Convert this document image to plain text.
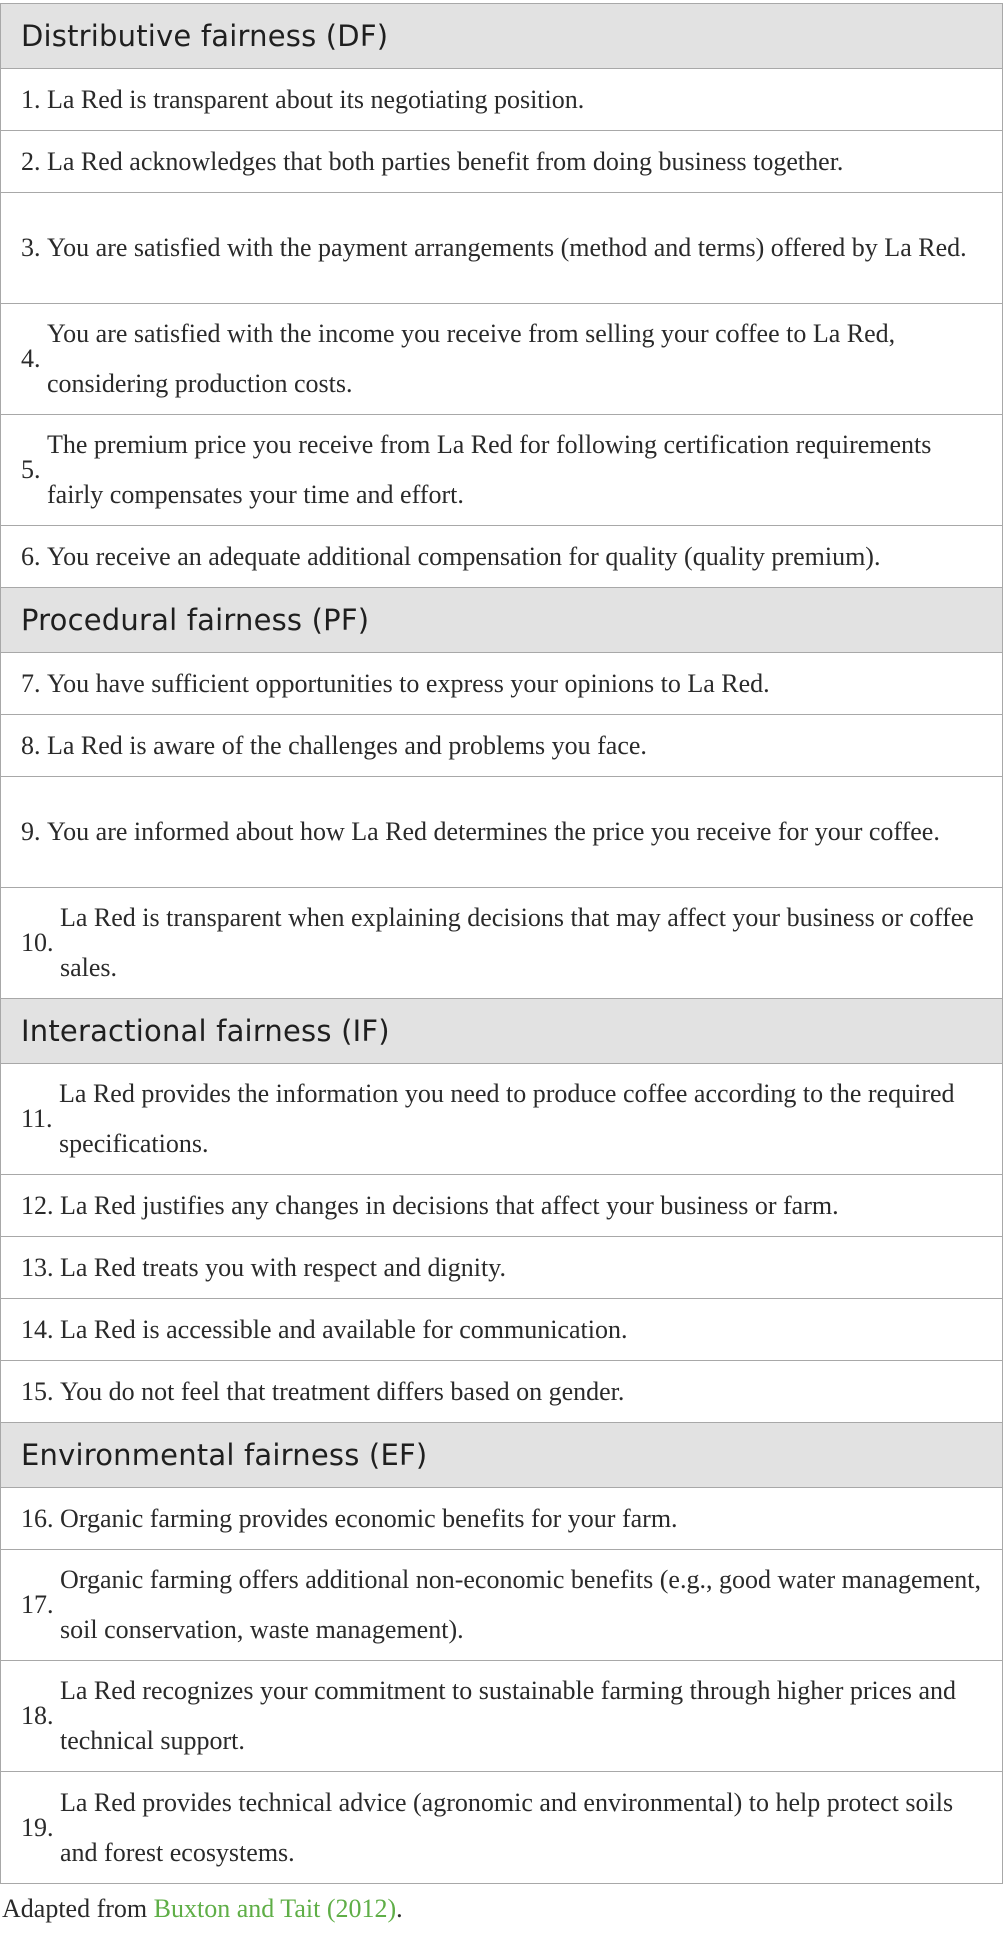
Distributive fairness (DF)
1.
La Red is transparent about its negotiating position.
2.
La Red acknowledges that both parties benefit from doing business together.
3.
You are satisfied with the payment arrangements (method and terms) offered by La Red.
4.

You are satisfied with the income you receive from selling your coffee to La Red, considering production costs.
5.

The premium price you receive from La Red for following certification requirements fairly compensates your time and effort.
6.
You receive an adequate additional compensation for quality (quality premium).
Procedural fairness (PF)
7.
You have sufficient opportunities to express your opinions to La Red.
8.
La Red is aware of the challenges and problems you face.
9.
You are informed about how La Red determines the price you receive for your coffee.
10.

La Red is transparent when explaining decisions that may affect your business or coffee sales.
Interactional fairness (IF)
11.

La Red provides the information you need to produce coffee according to the required specifications.
12.
La Red justifies any changes in decisions that affect your business or farm.
13.
La Red treats you with respect and dignity.
14.
La Red is accessible and available for communication.
15.
You do not feel that treatment differs based on gender.
Environmental fairness (EF)
16.
Organic farming provides economic benefits for your farm.
17.

Organic farming offers additional non-economic benefits (e.g., good water management, soil conservation, waste management).
18.

La Red recognizes your commitment to sustainable farming through higher prices and technical support.
19.

La Red provides technical advice (agronomic and environmental) to help protect soils and forest ecosystems.
Adapted from Buxton and Tait (2012).
